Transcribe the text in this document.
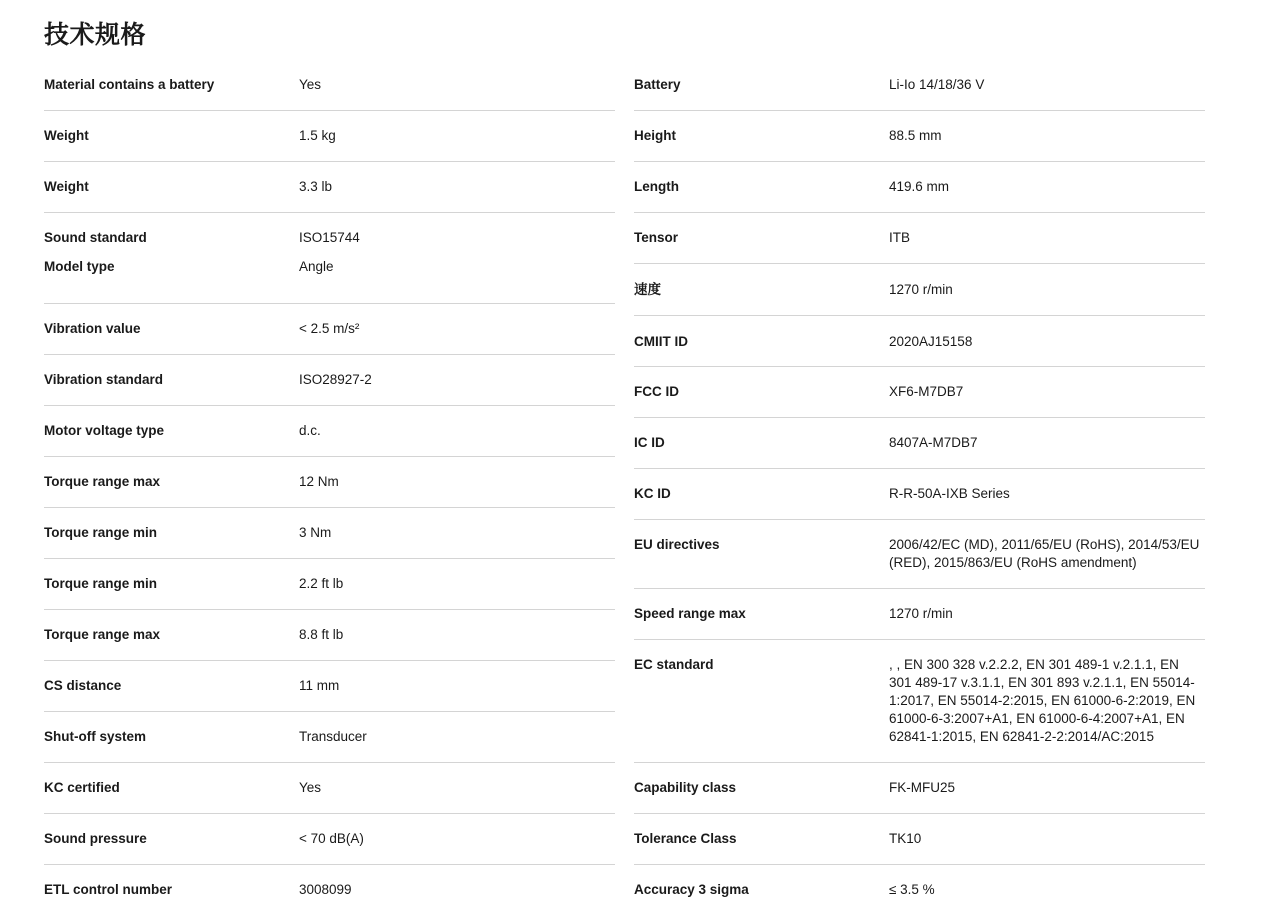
技术规格
Material contains a battery	Yes
Weight	1.5 kg
Weight	3.3 lb
Sound standard	ISO15744
Model type	Angle
Vibration value	< 2.5 m/s²
Vibration standard	ISO28927-2
Motor voltage type	d.c.
Torque range max	12 Nm
Torque range min	3 Nm
Torque range min	2.2 ft lb
Torque range max	8.8 ft lb
CS distance	11 mm
Shut-off system	Transducer
KC certified	Yes
Sound pressure	< 70 dB(A)
ETL control number	3008099
Battery	Li-Io 14/18/36 V
Height	88.5 mm
Length	419.6 mm
Tensor	ITB
速度	1270 r/min
CMIIT ID	2020AJ15158
FCC ID	XF6-M7DB7
IC ID	8407A-M7DB7
KC ID	R-R-50A-IXB Series
EU directives	2006/42/EC (MD), 2011/65/EU (RoHS), 2014/53/EU (RED), 2015/863/EU (RoHS amendment)
Speed range max	1270 r/min
EC standard	, , EN 300 328 v.2.2.2, EN 301 489-1 v.2.1.1, EN 301 489-17 v.3.1.1, EN 301 893 v.2.1.1, EN 55014-1:2017, EN 55014-2:2015, EN 61000-6-2:2019, EN 61000-6-3:2007+A1, EN 61000-6-4:2007+A1, EN 62841-1:2015, EN 62841-2-2:2014/AC:2015
Capability class	FK-MFU25
Tolerance Class	TK10
Accuracy 3 sigma	≤ 3.5 %
